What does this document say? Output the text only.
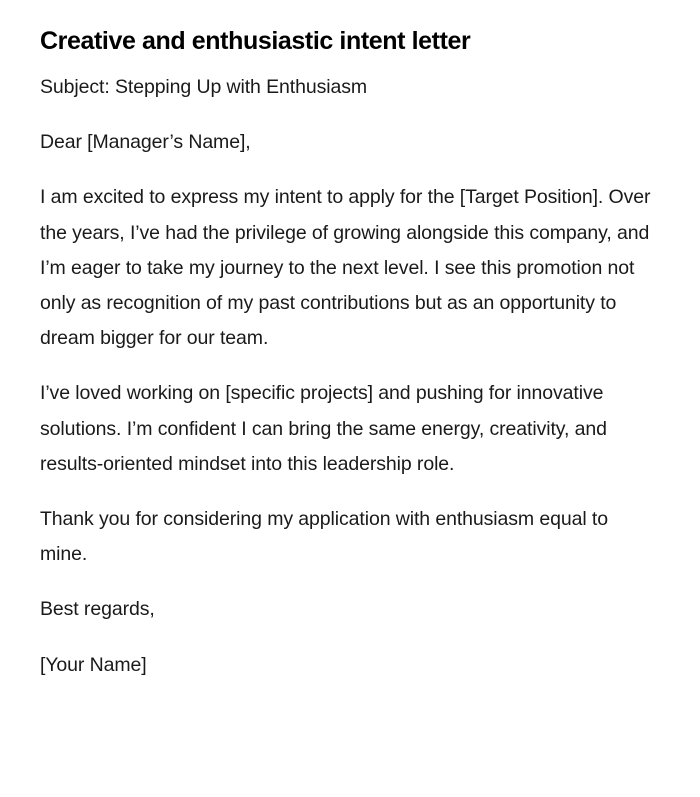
Creative and enthusiastic intent letter

Subject: Stepping Up with Enthusiasm

Dear [Manager’s Name],

I am excited to express my intent to apply for the [Target Position]. Over the years, I’ve had the privilege of growing alongside this company, and I’m eager to take my journey to the next level. I see this promotion not only as recognition of my past contributions but as an opportunity to dream bigger for our team.

I’ve loved working on [specific projects] and pushing for innovative solutions. I’m confident I can bring the same energy, creativity, and results-oriented mindset into this leadership role.

Thank you for considering my application with enthusiasm equal to mine.

Best regards,

[Your Name]
